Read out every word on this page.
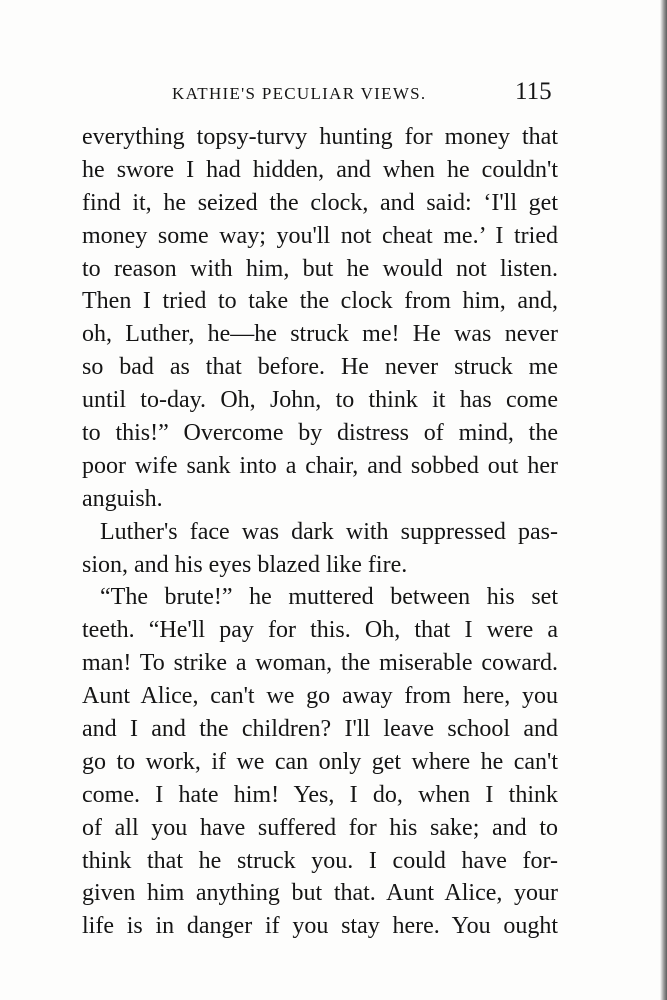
KATHIE'S PECULIAR VIEWS.	115
everything topsy-turvy hunting for money that
he swore I had hidden, and when he couldn't
find it, he seized the clock, and said: ‘I'll get
money some way; you'll not cheat me.’ I tried
to reason with him, but he would not listen.
Then I tried to take the clock from him, and,
oh, Luther, he—he struck me! He was never
so bad as that before. He never struck me
until to-day. Oh, John, to think it has come
to this!” Overcome by distress of mind, the
poor wife sank into a chair, and sobbed out her
anguish.
Luther's face was dark with suppressed pas-
sion, and his eyes blazed like fire.
“The brute!” he muttered between his set
teeth. “He'll pay for this. Oh, that I were a
man! To strike a woman, the miserable coward.
Aunt Alice, can't we go away from here, you
and I and the children? I'll leave school and
go to work, if we can only get where he can't
come. I hate him! Yes, I do, when I think
of all you have suffered for his sake; and to
think that he struck you. I could have for-
given him anything but that. Aunt Alice, your
life is in danger if you stay here. You ought
